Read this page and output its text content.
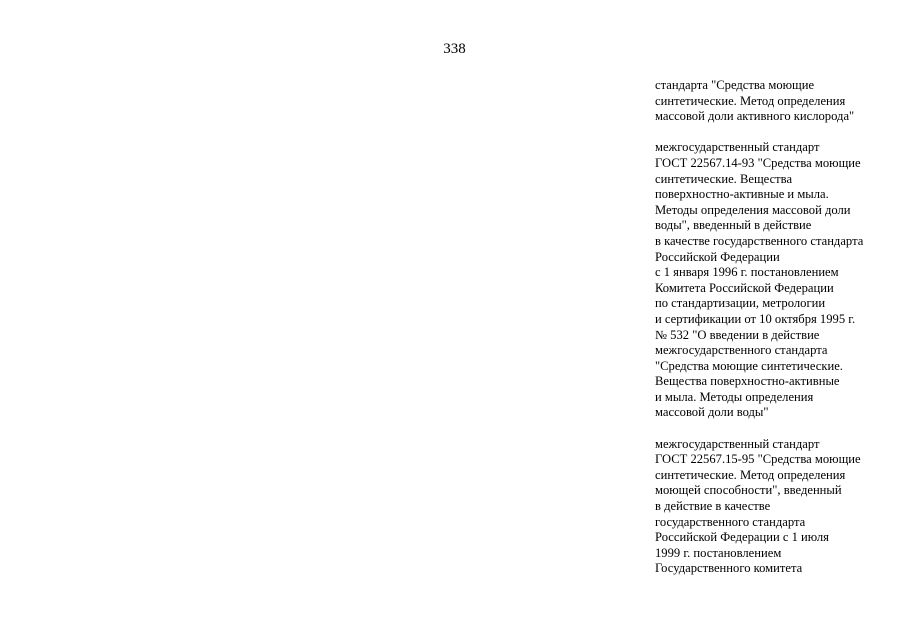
338

стандарта "Средства моющие
синтетические. Метод определения
массовой доли активного кислорода"

межгосударственный стандарт
ГОСТ 22567.14-93 "Средства моющие
синтетические. Вещества
поверхностно-активные и мыла.
Методы определения массовой доли
воды", введенный в действие
в качестве государственного стандарта
Российской Федерации
с 1 января 1996 г. постановлением
Комитета Российской Федерации
по стандартизации, метрологии
и сертификации от 10 октября 1995 г.
№ 532 "О введении в действие
межгосударственного стандарта
"Средства моющие синтетические.
Вещества поверхностно-активные
и мыла. Методы определения
массовой доли воды"

межгосударственный стандарт
ГОСТ 22567.15-95 "Средства моющие
синтетические. Метод определения
моющей способности", введенный
в действие в качестве
государственного стандарта
Российской Федерации с 1 июля
1999 г. постановлением
Государственного комитета
